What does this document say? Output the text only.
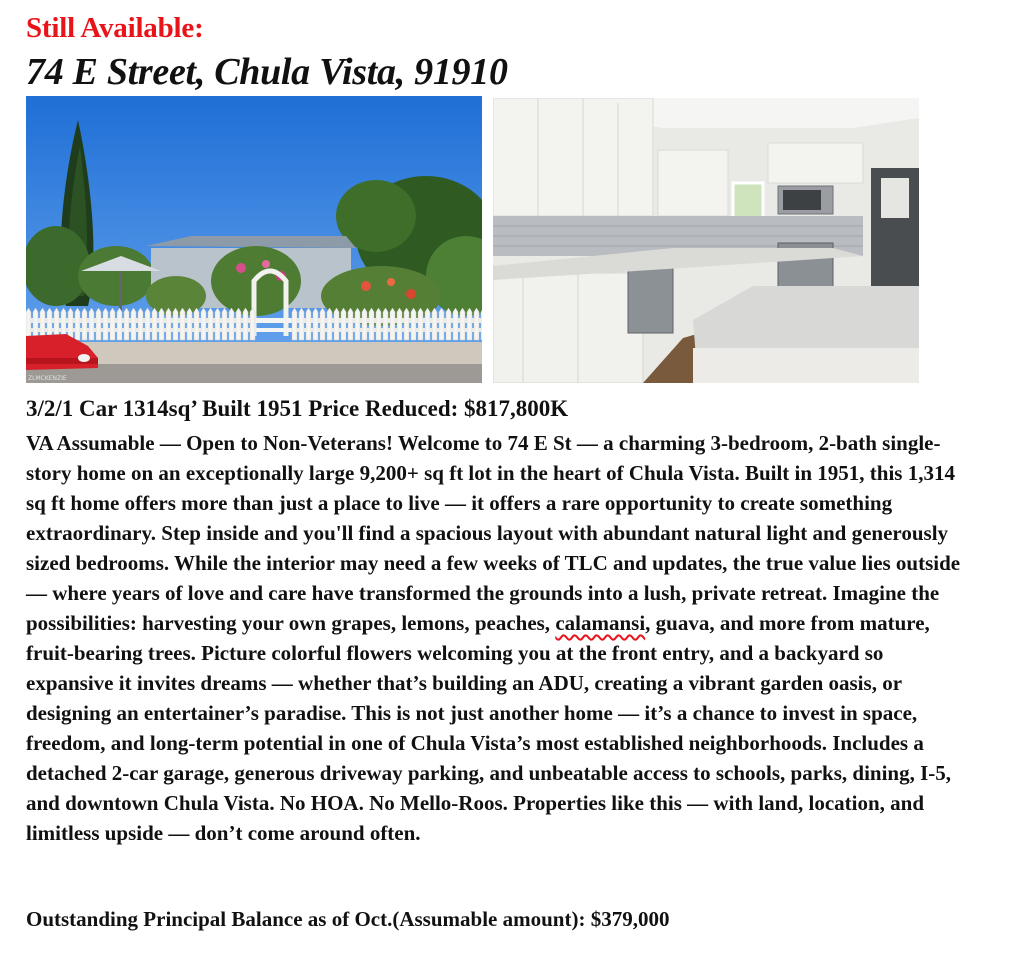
Still Available:
74 E Street, Chula Vista, 91910
ZLMCKENZIE
3/2/1 Car 1314sq’ Built 1951 Price Reduced: $817,800K
VA Assumable — Open to Non-Veterans! Welcome to 74 E St — a charming 3-bedroom, 2-bath single-story home on an exceptionally large 9,200+ sq ft lot in the heart of Chula Vista. Built in 1951, this 1,314 sq ft home offers more than just a place to live — it offers a rare opportunity to create something extraordinary. Step inside and you'll find a spacious layout with abundant natural light and generously sized bedrooms. While the interior may need a few weeks of TLC and updates, the true value lies outside — where years of love and care have transformed the grounds into a lush, private retreat. Imagine the possibilities: harvesting your own grapes, lemons, peaches, calamansi, guava, and more from mature, fruit-bearing trees. Picture colorful flowers welcoming you at the front entry, and a backyard so expansive it invites dreams — whether that’s building an ADU, creating a vibrant garden oasis, or designing an entertainer’s paradise. This is not just another home — it’s a chance to invest in space, freedom, and long-term potential in one of Chula Vista’s most established neighborhoods. Includes a detached 2-car garage, generous driveway parking, and unbeatable access to schools, parks, dining, I-5, and downtown Chula Vista. No HOA. No Mello-Roos. Properties like this — with land, location, and limitless upside — don’t come around often.
Outstanding Principal Balance as of Oct.(Assumable amount): $379,000
